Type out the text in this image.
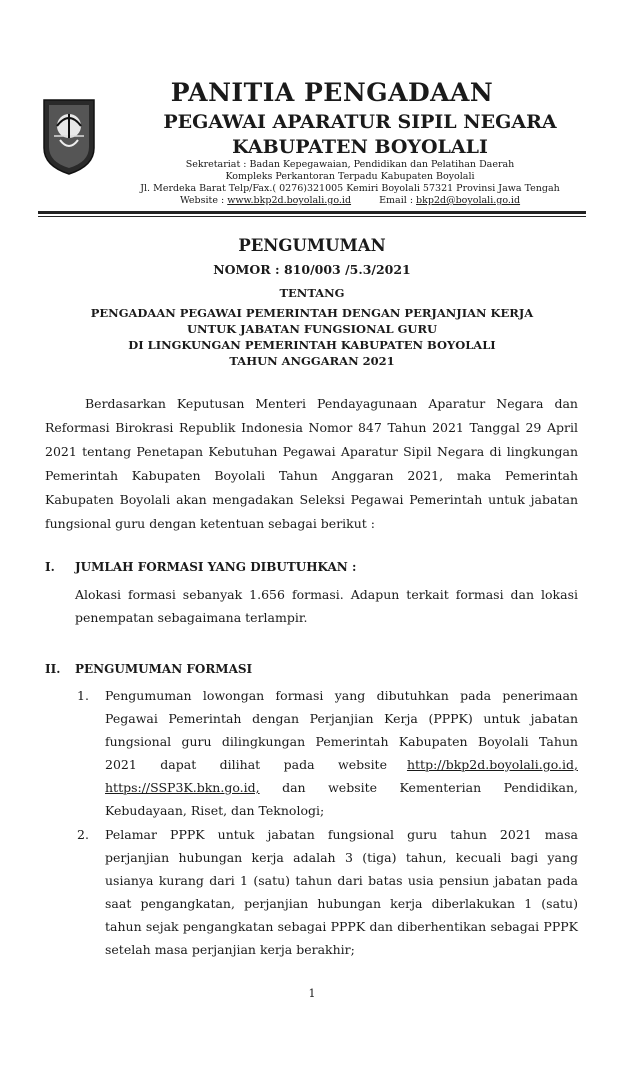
PANITIA PENGADAAN
PEGAWAI APARATUR SIPIL NEGARA
KABUPATEN BOYOLALI
Sekretariat : Badan Kepegawaian, Pendidikan dan Pelatihan Daerah
Kompleks Perkantoran Terpadu Kabupaten Boyolali
Jl. Merdeka Barat Telp/Fax.( 0276)321005 Kemiri Boyolali 57321 Provinsi Jawa Tengah
Website : www.bkp2d.boyolali.go.id	Email : bkp2d@boyolali.go.id
PENGUMUMAN
NOMOR : 810/003 /5.3/2021
TENTANG
PENGADAAN PEGAWAI PEMERINTAH DENGAN PERJANJIAN KERJA
UNTUK JABATAN FUNGSIONAL GURU
DI LINGKUNGAN PEMERINTAH KABUPATEN BOYOLALI
TAHUN ANGGARAN 2021
Berdasarkan Keputusan Menteri Pendayagunaan Aparatur Negara dan
Reformasi Birokrasi Republik Indonesia Nomor 847 Tahun 2021 Tanggal 29 April
2021 tentang Penetapan Kebutuhan Pegawai Aparatur Sipil Negara di lingkungan
Pemerintah Kabupaten Boyolali Tahun Anggaran 2021, maka Pemerintah
Kabupaten Boyolali akan mengadakan Seleksi Pegawai Pemerintah untuk jabatan
fungsional guru dengan ketentuan sebagai berikut :
I. JUMLAH FORMASI YANG DIBUTUHKAN :
Alokasi formasi sebanyak 1.656 formasi. Adapun terkait formasi dan lokasi
penempatan sebagaimana terlampir.
II. PENGUMUMAN FORMASI
1. Pengumuman lowongan formasi yang dibutuhkan pada penerimaan
Pegawai Pemerintah dengan Perjanjian Kerja (PPPK) untuk jabatan
fungsional guru dilingkungan Pemerintah Kabupaten Boyolali Tahun
2021 dapat dilihat pada website http://bkp2d.boyolali.go.id,
https://SSP3K.bkn.go.id, dan website Kementerian Pendidikan,
Kebudayaan, Riset, dan Teknologi;
2. Pelamar PPPK untuk jabatan fungsional guru tahun 2021 masa
perjanjian hubungan kerja adalah 3 (tiga) tahun, kecuali bagi yang
usianya kurang dari 1 (satu) tahun dari batas usia pensiun jabatan pada
saat pengangkatan, perjanjian hubungan kerja diberlakukan 1 (satu)
tahun sejak pengangkatan sebagai PPPK dan diberhentikan sebagai PPPK
setelah masa perjanjian kerja berakhir;
1
